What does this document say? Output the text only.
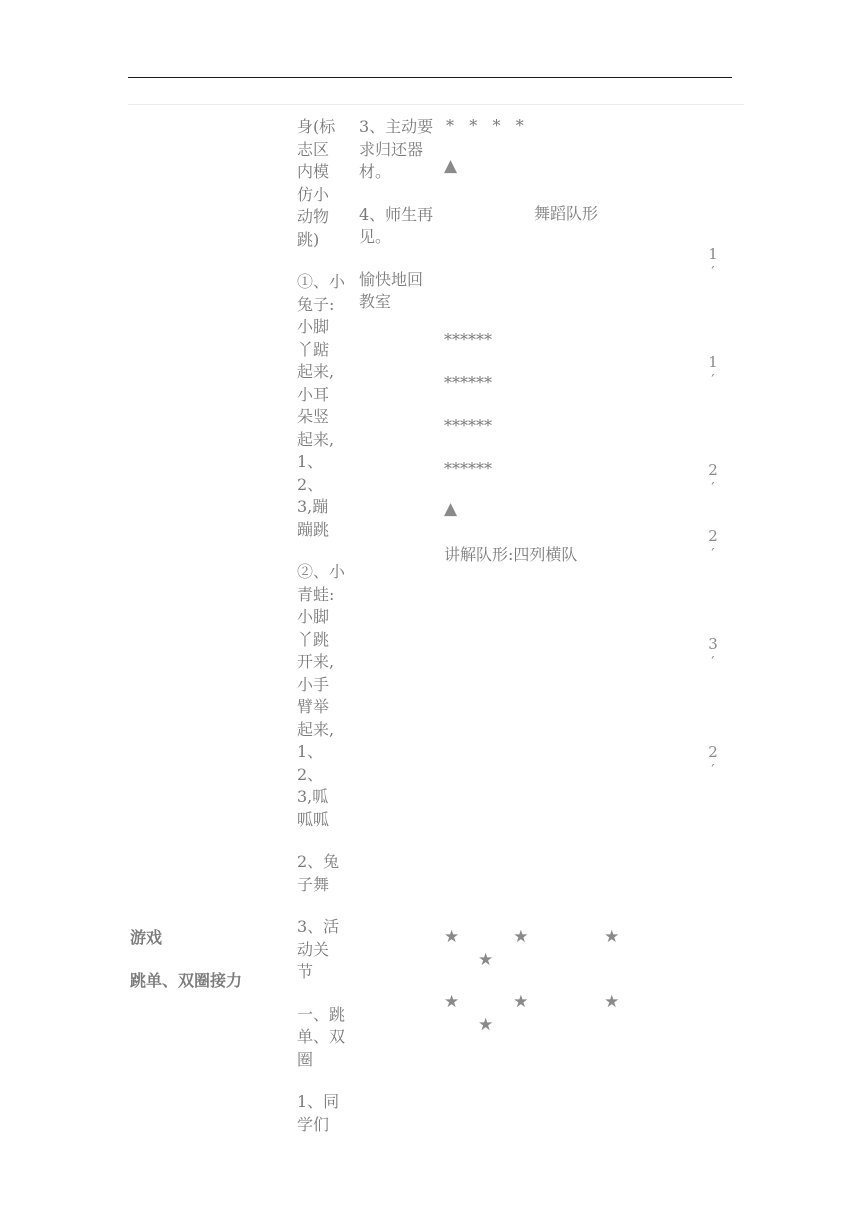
游戏

跳单、双圈接力

身(标
志区
内模
仿小
动物
跳)

①、小
兔子:
小脚
丫踮
起来,
小耳
朵竖
起来,
1、2、
3,蹦
蹦跳

②、小
青蛙:
小脚
丫跳
开来,
小手
臂举
起来,
1、2、
3,呱
呱呱

2、兔
子舞

3、活
动关
节

一、跳
单、双
圈

1、同
学们

3、主动要
求归还器
材。

4、师生再
见。

愉快地回
教室

*   *   *   *
▲
舞蹈队形
******
******
******
******
▲
讲解队形:四列横队
★          ★              ★
★
★          ★              ★
★
1
′
1
′
2
′
2
′
3
′
2
′
